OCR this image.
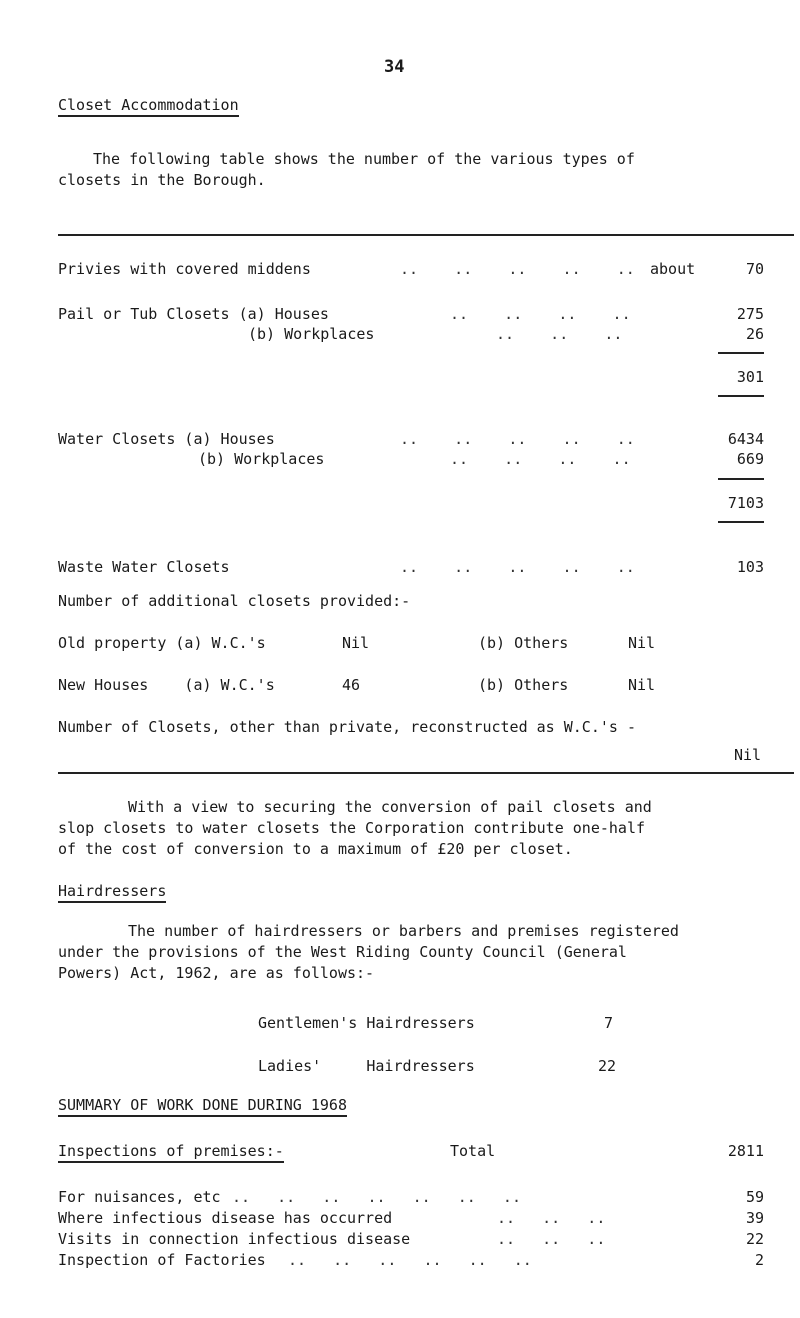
34
Closet Accommodation
The following table shows the number of the various types of
closets in the Borough.
Privies with covered middens	..    ..    ..    ..    .. about	70
Pail or Tub Closets (a) Houses	..    ..    ..    ..	275
(b) Workplaces	..    ..    ..	26
301
Water Closets (a) Houses	..    ..    ..    ..    ..	6434
(b) Workplaces	..    ..    ..    ..	669
7103
Waste Water Closets	..    ..    ..    ..    ..	103
Number of additional closets provided:-
Old property (a) W.C.'s	Nil	(b) Others	Nil
New Houses    (a) W.C.'s	46	(b) Others	Nil
Number of Closets, other than private, reconstructed as W.C.'s -
Nil
With a view to securing the conversion of pail closets and
slop closets to water closets the Corporation contribute one-half
of the cost of conversion to a maximum of £20 per closet.
Hairdressers
The number of hairdressers or barbers and premises registered
under the provisions of the West Riding County Council (General
Powers) Act, 1962, are as follows:-
Gentlemen's Hairdressers	7
Ladies'     Hairdressers	22
SUMMARY OF WORK DONE DURING 1968
Inspections of premises:-	Total	2811
For nuisances, etc ..   ..   ..   ..   ..   ..   ..	59
Where infectious disease has occurred	..   ..   ..	39
Visits in connection infectious disease	..   ..   ..	22
Inspection of Factories ..   ..   ..   ..   ..   ..	2
